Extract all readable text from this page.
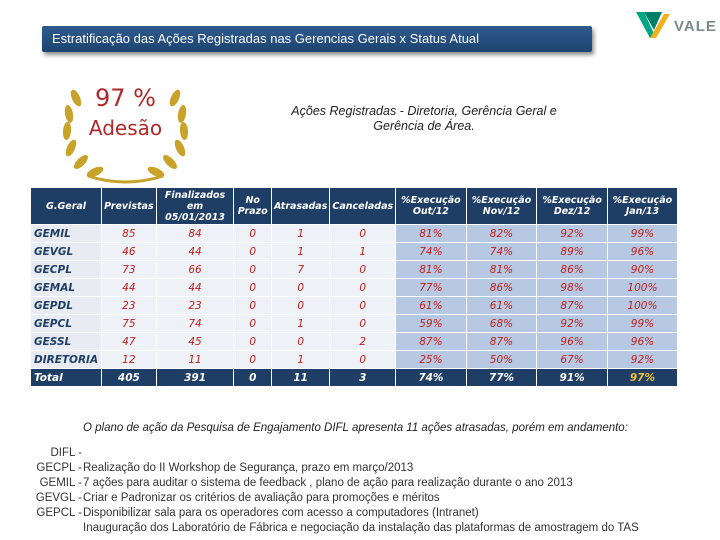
Estratificação das Ações Registradas nas Gerencias Gerais x Status Atual
VALE
97 %
Adesão
Ações Registradas - Diretoria, Gerência Geral e Gerência de Área.
G.Geral	Previstas	Finalizados em 05/01/2013	No Prazo	Atrasadas	Canceladas	%Execução Out/12	%Execução Nov/12	%Execução Dez/12	%Execução Jan/13
GEMIL	85	84	0	1	0	81%	82%	92%	99%
GEVGL	46	44	0	1	1	74%	74%	89%	96%
GECPL	73	66	0	7	0	81%	81%	86%	90%
GEMAL	44	44	0	0	0	77%	86%	98%	100%
GEPDL	23	23	0	0	0	61%	61%	87%	100%
GEPCL	75	74	0	1	0	59%	68%	92%	99%
GESSL	47	45	0	0	2	87%	87%	96%	96%
DIRETORIA	12	11	0	1	0	25%	50%	67%	92%
Total	405	391	0	11	3	74%	77%	91%	97%
O plano de ação da Pesquisa de Engajamento DIFL apresenta 11 ações atrasadas, porém em andamento:
DIFL -
GECPL - Realização do II Workshop de Segurança, prazo em março/2013
GEMIL - 7 ações para auditar o sistema de feedback , plano de ação para realização durante o ano 2013
GEVGL - Criar e Padronizar os critérios de avaliação para promoções e méritos
GEPCL - Disponibilizar sala para os operadores com acesso a computadores (Intranet)
Inauguração dos Laboratório de Fábrica e negociação da instalação das plataformas de amostragem do TAS
